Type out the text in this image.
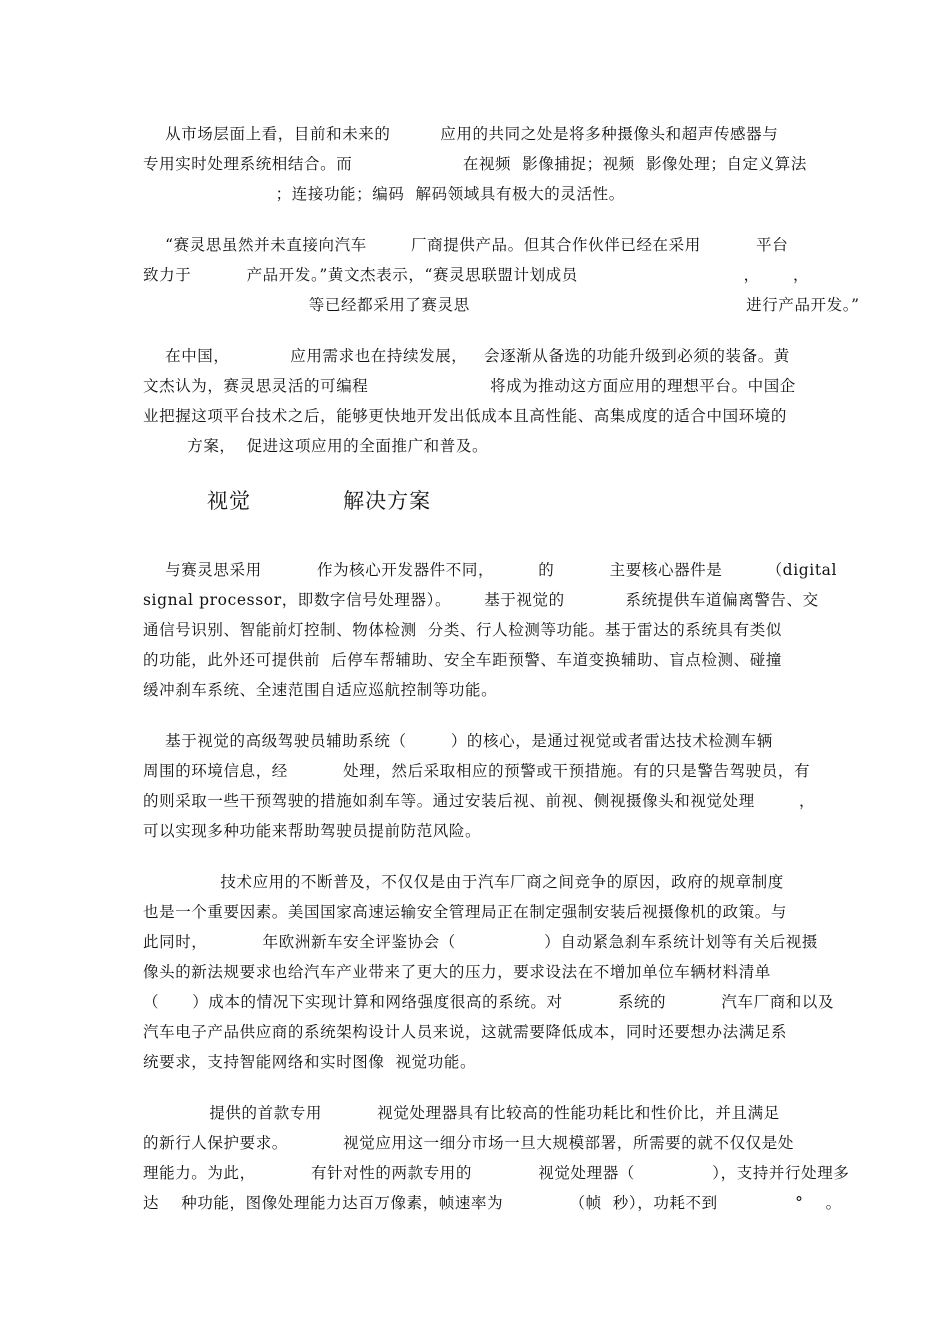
从市场层面上看，目前和未来的         应用的共同之处是将多种摄像头和超声传感器与
专用实时处理系统相结合。而                    在视频  影像捕捉；视频  影像处理；自定义算法
；连接功能；编码  解码领域具有极大的灵活性。
“赛灵思虽然并未直接向汽车        厂商提供产品。但其合作伙伴已经在采用          平台
致力于          产品开发。”黄文杰表示，“赛灵思联盟计划成员                              ，      ，
等已经都采用了赛灵思                                                  进行产品开发。”
在中国，           应用需求也在持续发展，   会逐渐从备选的功能升级到必须的装备。黄
文杰认为，赛灵思灵活的可编程                      将成为推动这方面应用的理想平台。中国企
业把握这项平台技术之后，能够更快地开发出低成本且高性能、高集成度的适合中国环境的
方案，  促进这项应用的全面推广和普及。
视觉            解决方案
与赛灵思采用          作为核心开发器件不同，        的          主要核心器件是        （digital
signal processor，即数字信号处理器）。      基于视觉的           系统提供车道偏离警告、交
通信号识别、智能前灯控制、物体检测  分类、行人检测等功能。基于雷达的系统具有类似
的功能，此外还可提供前  后停车帮辅助、安全车距预警、车道变换辅助、盲点检测、碰撞
缓冲刹车系统、全速范围自适应巡航控制等功能。
基于视觉的高级驾驶员辅助系统（        ）的核心，是通过视觉或者雷达技术检测车辆
周围的环境信息，经          处理，然后采取相应的预警或干预措施。有的只是警告驾驶员，有
的则采取一些干预驾驶的措施如刹车等。通过安装后视、前视、侧视摄像头和视觉处理        ，
可以实现多种功能来帮助驾驶员提前防范风险。
技术应用的不断普及，不仅仅是由于汽车厂商之间竞争的原因，政府的规章制度
也是一个重要因素。美国国家高速运输安全管理局正在制定强制安装后视摄像机的政策。与
此同时，          年欧洲新车安全评鉴协会（                ）自动紧急刹车系统计划等有关后视摄
像头的新法规要求也给汽车产业带来了更大的压力，要求设法在不增加单位车辆材料清单
（      ）成本的情况下实现计算和网络强度很高的系统。对          系统的          汽车厂商和以及
汽车电子产品供应商的系统架构设计人员来说，这就需要降低成本，同时还要想办法满足系
统要求，支持智能网络和实时图像  视觉功能。
提供的首款专用          视觉处理器具有比较高的性能功耗比和性价比，并且满足
的新行人保护要求。          视觉应用这一细分市场一旦大规模部署，所需要的就不仅仅是处
理能力。为此，          有针对性的两款专用的            视觉处理器（              ），支持并行处理多
达    种功能，图像处理能力达百万像素，帧速率为            （帧  秒），功耗不到              °    。
